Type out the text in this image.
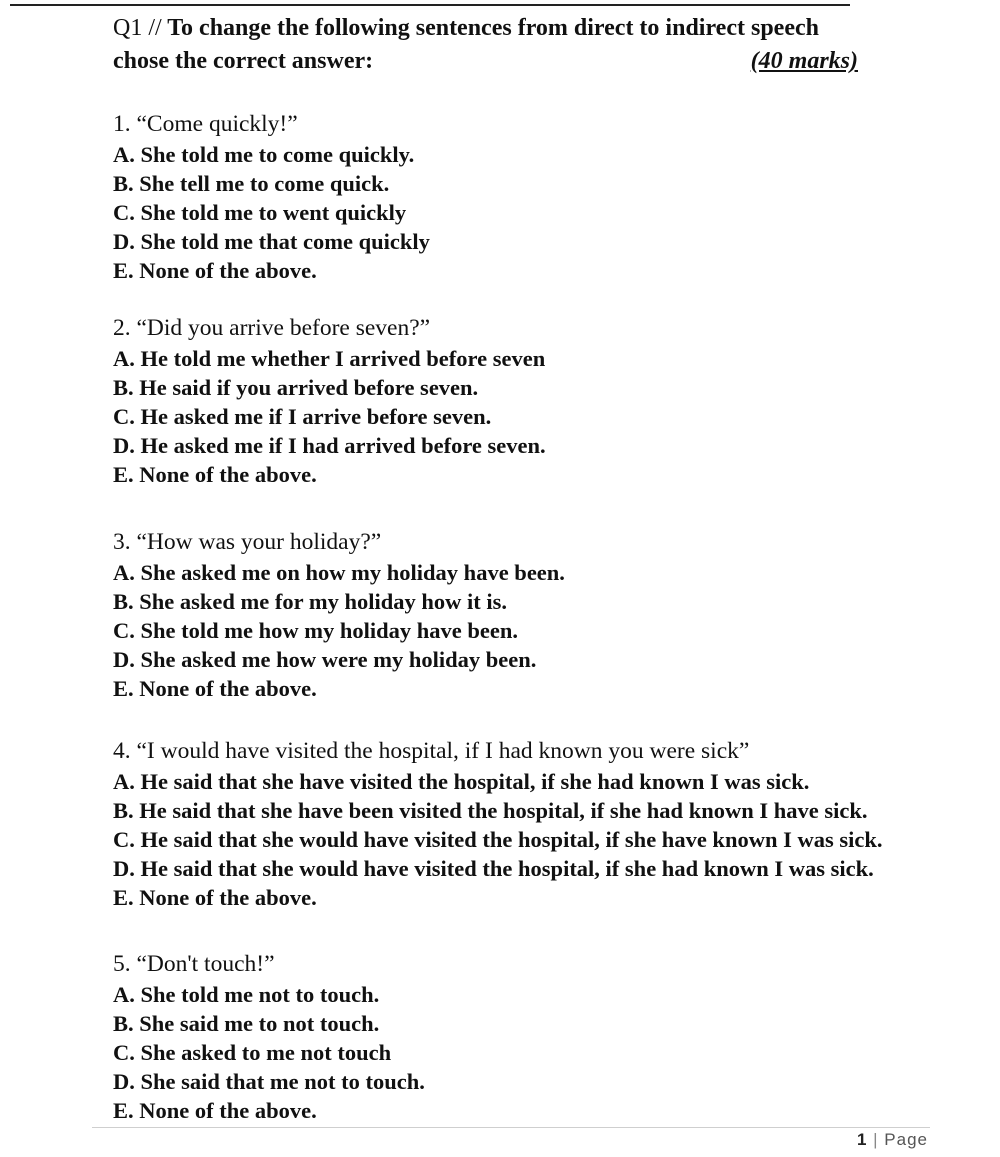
Q1 // To change the following sentences from direct to indirect speech
chose the correct answer:	(40 marks)
1. “Come quickly!”
A. She told me to come quickly.
B. She tell me to come quick.
C. She told me to went quickly
D. She told me that come quickly
E. None of the above.
2. “Did you arrive before seven?”
A. He told me whether I arrived before seven
B. He said if you arrived before seven.
C. He asked me if I arrive before seven.
D. He asked me if I had arrived before seven.
E. None of the above.
3. “How was your holiday?”
A. She asked me on how my holiday have been.
B. She asked me for my holiday how it is.
C. She told me how my holiday have been.
D. She asked me how were my holiday been.
E. None of the above.
4. “I would have visited the hospital, if I had known you were sick”
A. He said that she have visited the hospital, if she had known I was sick.
B. He said that she have been visited the hospital, if she had known I have sick.
C. He said that she would have visited the hospital, if she have known I was sick.
D. He said that she would have visited the hospital, if she had known I was sick.
E. None of the above.
5. “Don't touch!”
A. She told me not to touch.
B. She said me to not touch.
C. She asked to me not touch
D. She said that me not to touch.
E. None of the above.
1 | Page
